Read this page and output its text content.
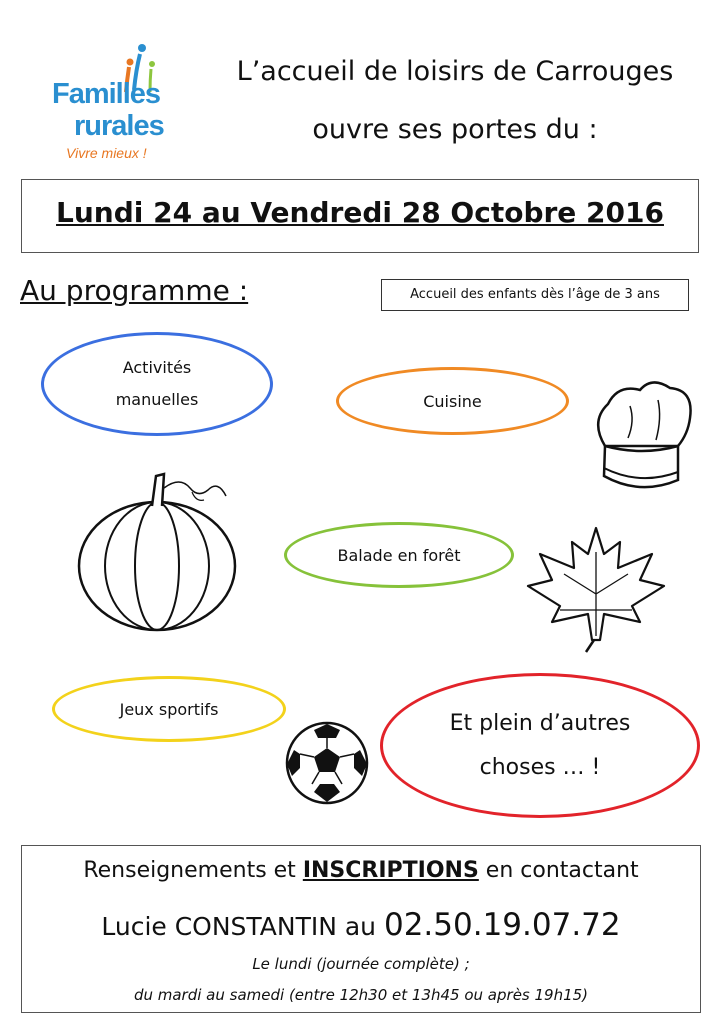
Familles
rurales
Vivre mieux !
L’accueil de loisirs de Carrouges
ouvre ses portes du :
Lundi 24 au Vendredi 28 Octobre 2016
Au programme :	Accueil des enfants dès l’âge de 3 ans
Activités
manuelles	Cuisine
Balade en forêt
Jeux sportifs
Et plein d’autres
choses … !
Renseignements et INSCRIPTIONS en contactant
Lucie CONSTANTIN au 02.50.19.07.72
Le lundi (journée complète) ;
du mardi au samedi (entre 12h30 et 13h45 ou après 19h15)
